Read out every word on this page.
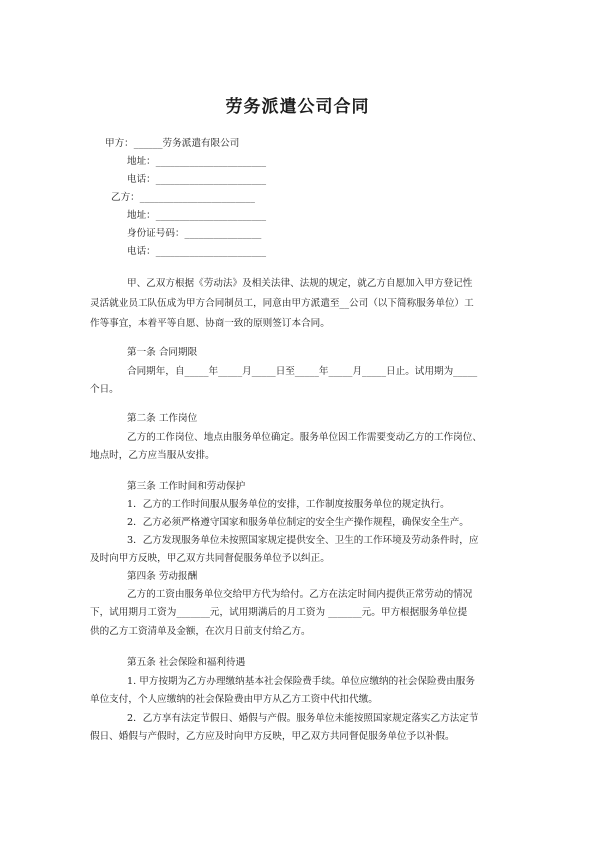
劳务派遣公司合同
甲方：______劳务派遣有限公司
地址：_______________________
电话：_______________________
乙方：________________________
地址：_______________________
身份证号码：________________
电话：_______________________
甲、乙双方根据《劳动法》及相关法律、法规的规定，就乙方自愿加入甲方登记性
灵活就业员工队伍成为甲方合同制员工，同意由甲方派遣至__公司（以下简称服务单位）工
作等事宜，本着平等自愿、协商一致的原则签订本合同。
第一条 合同期限
合同期年，自_____年_____月_____日至_____年_____月_____日止。试用期为_____
个日。
第二条 工作岗位
乙方的工作岗位、地点由服务单位确定。服务单位因工作需要变动乙方的工作岗位、
地点时，乙方应当服从安排。
第三条 工作时间和劳动保护
1．乙方的工作时间服从服务单位的安排，工作制度按服务单位的规定执行。
2．乙方必须严格遵守国家和服务单位制定的安全生产操作规程，确保安全生产。
3．乙方发现服务单位未按照国家规定提供安全、卫生的工作环境及劳动条件时，应
及时向甲方反映，甲乙双方共同督促服务单位予以纠正。
第四条 劳动报酬
乙方的工资由服务单位交给甲方代为给付。乙方在法定时间内提供正常劳动的情况
下，试用期月工资为_______元，试用期满后的月工资为 _______元。甲方根据服务单位提
供的乙方工资清单及金额，在次月日前支付给乙方。
第五条 社会保险和福利待遇
1. 甲方按期为乙方办理缴纳基本社会保险费手续。单位应缴纳的社会保险费由服务
单位支付，个人应缴纳的社会保险费由甲方从乙方工资中代扣代缴。
2．乙方享有法定节假日、婚假与产假。服务单位未能按照国家规定落实乙方法定节
假日、婚假与产假时，乙方应及时向甲方反映，甲乙双方共同督促服务单位予以补假。
